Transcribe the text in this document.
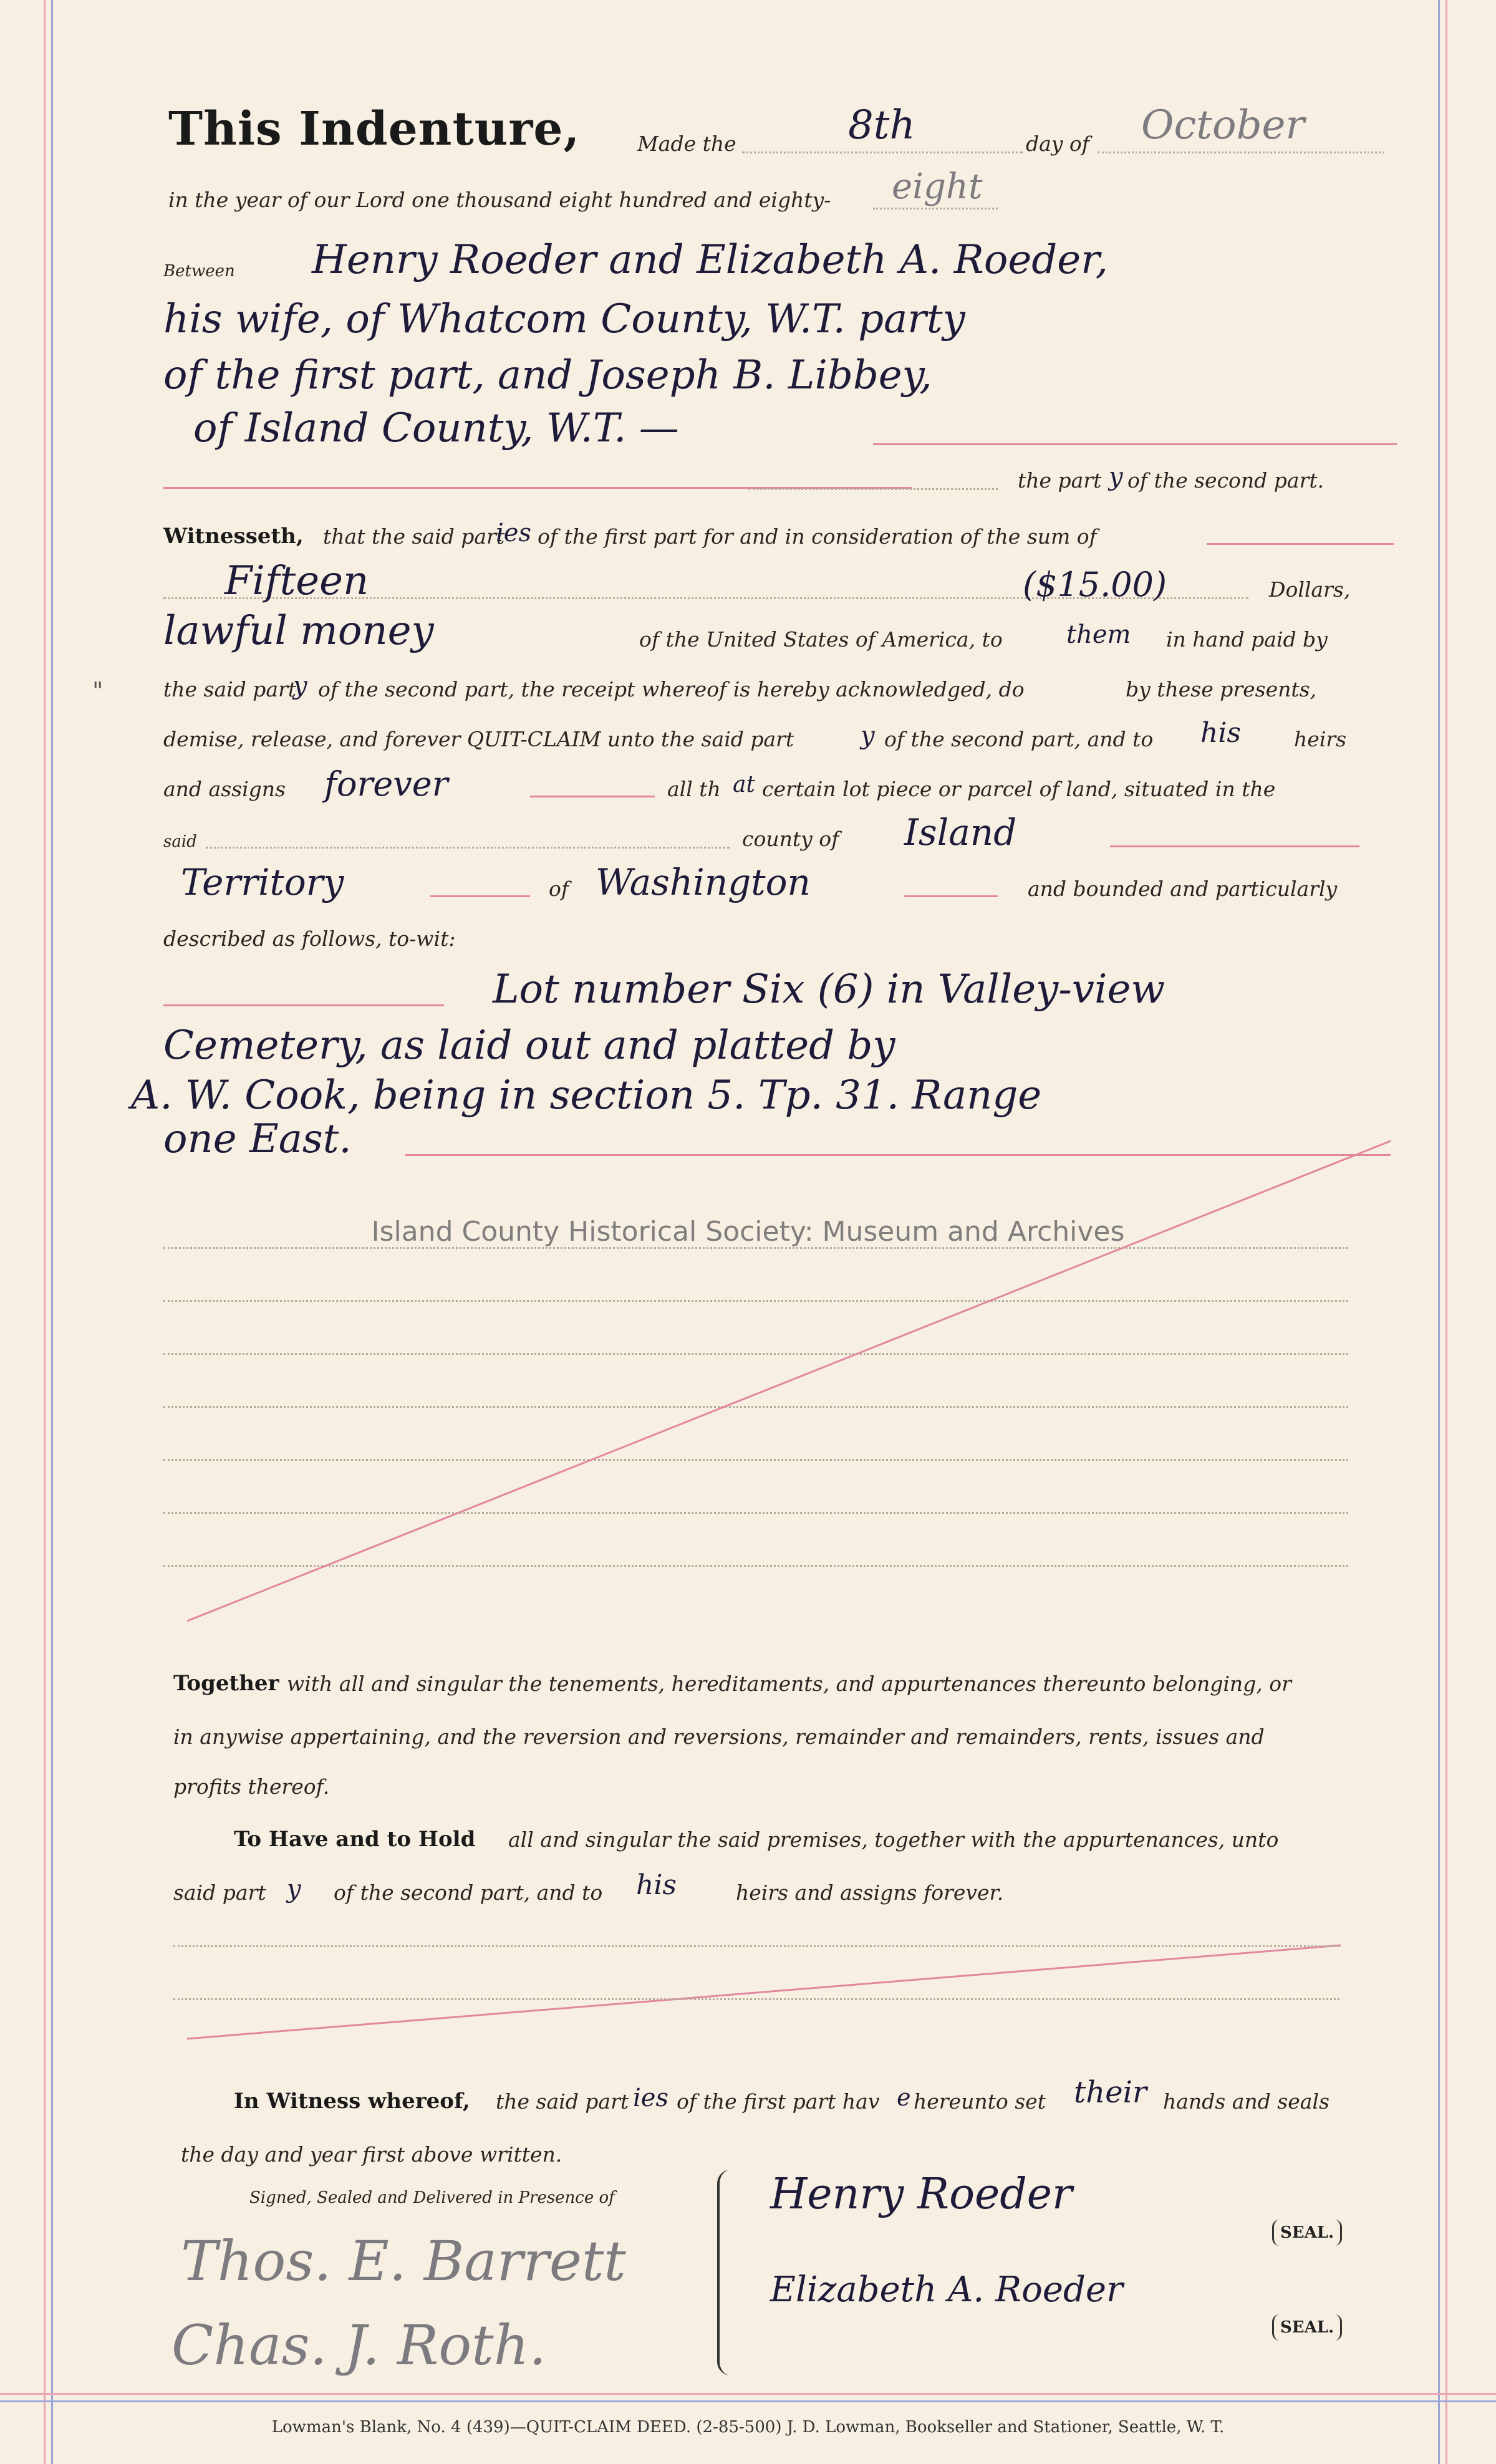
This Indenture,	Made the	8th	day of October
in the year of our Lord one thousand eight hundred and eighty- eight
Between Henry Roeder and Elizabeth A. Roeder,
his wife, of Whatcom County, W.T. party
of the first part, and Joseph B. Libbey,
of Island County, W.T. —
the part y of the second part.
Witnesseth, that the said part
ies of the first part for and in consideration of the sum of
Fifteen	($15.00)	Dollars,
lawful money	of the United States of America, to	them in hand paid by
"	the said part
y of the second part, the receipt whereof is hereby acknowledged, do	by these presents,
demise, release, and forever QUIT-CLAIM unto the said part	y of the second part, and to his	heirs
and assigns forever	all th at certain lot piece or parcel of land, situated in the
said	county of Island
Territory	of Washington	and bounded and particularly
described as follows, to-wit:
Lot number Six (6) in Valley-view
Cemetery, as laid out and platted by
A. W. Cook, being in section 5. Tp. 31. Range
one East.
Island County Historical Society: Museum and Archives
Together with all and singular the tenements, hereditaments, and appurtenances thereunto belonging, or
in anywise appertaining, and the reversion and reversions, remainder and remainders, rents, issues and
profits thereof.
To Have and to Hold all and singular the said premises, together with the appurtenances, unto
said part y of the second part, and to his	heirs and assigns forever.
In Witness whereof, the said part ies of the first part hav e hereunto set their hands and seals
the day and year first above written.
Signed, Sealed and Delivered in Presence of
Thos. E. Barrett
Chas. J. Roth.
Henry Roeder
Elizabeth A. Roeder
SEAL.
SEAL.
Lowman's Blank, No. 4 (439)—QUIT-CLAIM DEED. (2-85-500) J. D. Lowman, Bookseller and Stationer, Seattle, W. T.
